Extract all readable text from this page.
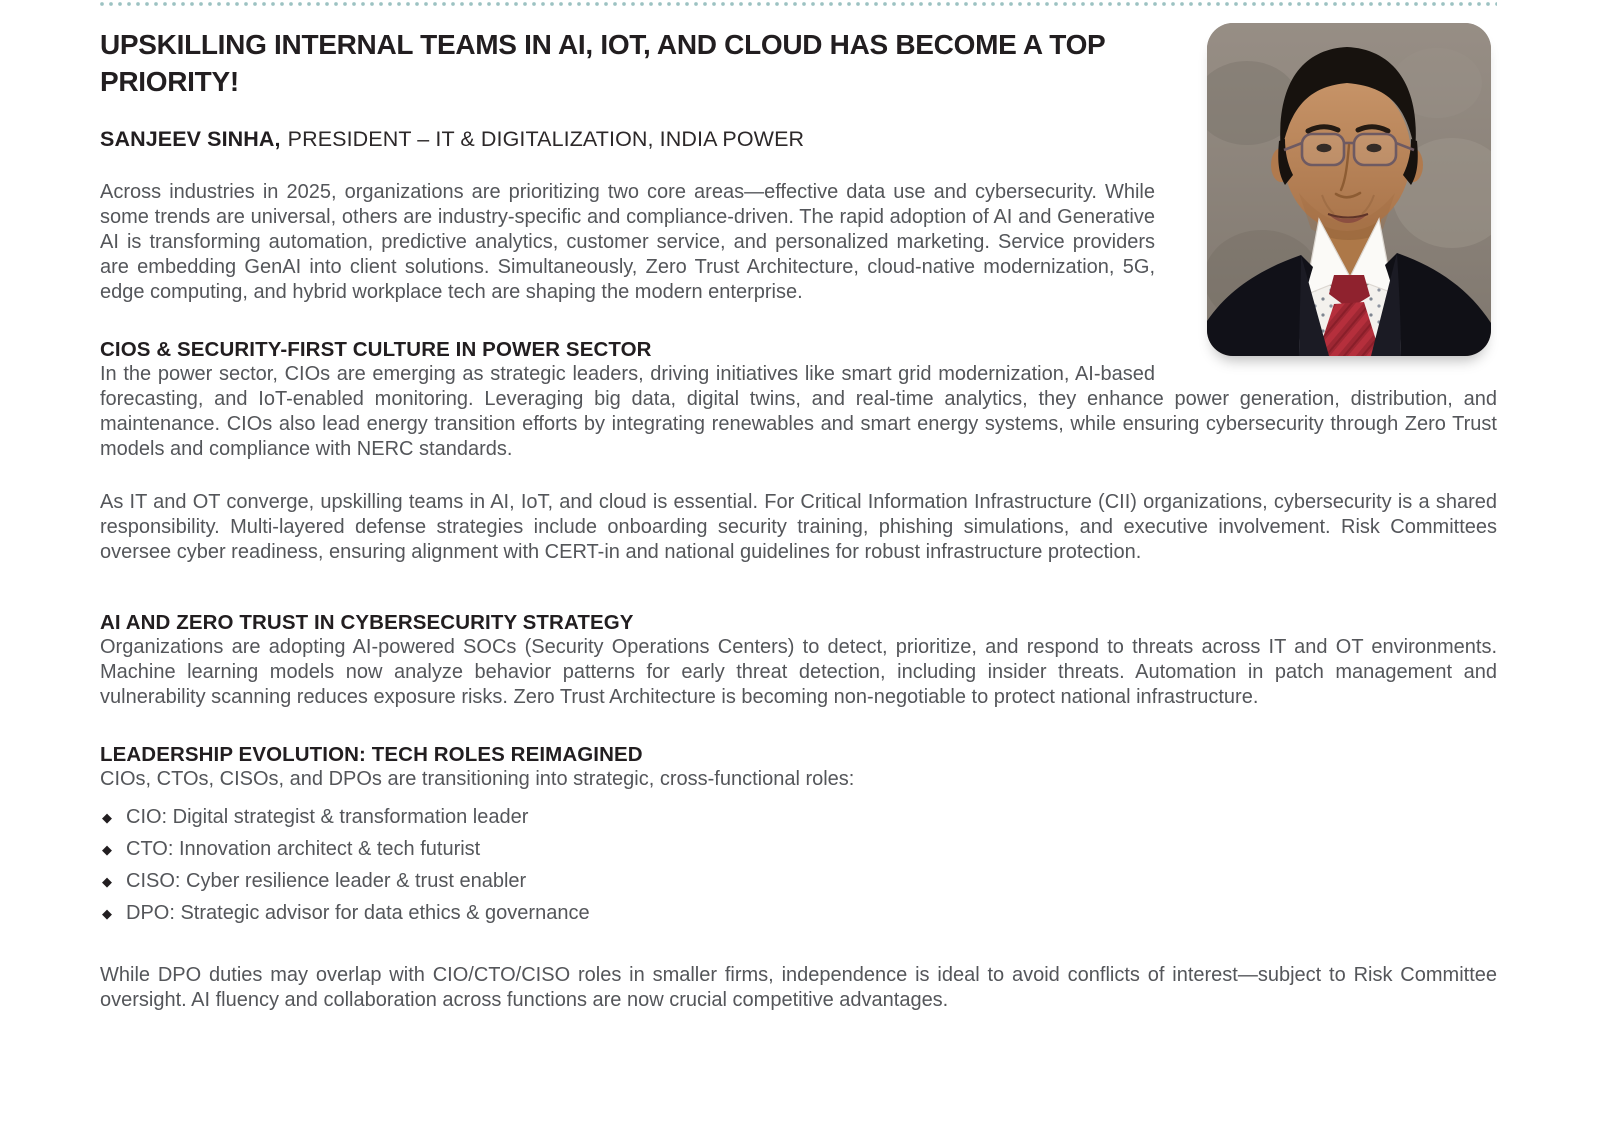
UPSKILLING INTERNAL TEAMS IN AI, IOT, AND CLOUD HAS BECOME A TOP
PRIORITY!

SANJEEV SINHA, PRESIDENT – IT & DIGITALIZATION, INDIA POWER

Across industries in 2025, organizations are prioritizing two core areas—effective data use and cybersecurity. While some trends are universal, others are industry-specific and compliance-driven. The rapid adoption of AI and Generative AI is transforming automation, predictive analytics, customer service, and personalized marketing. Service providers are embedding GenAI into client solutions. Simultaneously, Zero Trust Architecture, cloud-native modernization, 5G, edge computing, and hybrid workplace tech are shaping the modern enterprise.

CIOS & SECURITY-FIRST CULTURE IN POWER SECTOR

In the power sector, CIOs are emerging as strategic leaders, driving initiatives like smart grid modernization, AI-based forecasting, and IoT-enabled monitoring. Leveraging big data, digital twins, and real-time analytics, they enhance power generation, distribution, and maintenance. CIOs also lead energy transition efforts by integrating renewables and smart energy systems, while ensuring cybersecurity through Zero Trust models and compliance with NERC standards.

As IT and OT converge, upskilling teams in AI, IoT, and cloud is essential. For Critical Information Infrastructure (CII) organizations, cybersecurity is a shared responsibility. Multi-layered defense strategies include onboarding security training, phishing simulations, and executive involvement. Risk Committees oversee cyber readiness, ensuring alignment with CERT-in and national guidelines for robust infrastructure protection.

AI AND ZERO TRUST IN CYBERSECURITY STRATEGY

Organizations are adopting AI-powered SOCs (Security Operations Centers) to detect, prioritize, and respond to threats across IT and OT environments. Machine learning models now analyze behavior patterns for early threat detection, including insider threats. Automation in patch management and vulnerability scanning reduces exposure risks. Zero Trust Architecture is becoming non-negotiable to protect national infrastructure.

LEADERSHIP EVOLUTION: TECH ROLES REIMAGINED

CIOs, CTOs, CISOs, and DPOs are transitioning into strategic, cross-functional roles:

◆ CIO: Digital strategist & transformation leader
◆ CTO: Innovation architect & tech futurist
◆ CISO: Cyber resilience leader & trust enabler
◆ DPO: Strategic advisor for data ethics & governance

While DPO duties may overlap with CIO/CTO/CISO roles in smaller firms, independence is ideal to avoid conflicts of interest—subject to Risk Committee oversight. AI fluency and collaboration across functions are now crucial competitive advantages.
